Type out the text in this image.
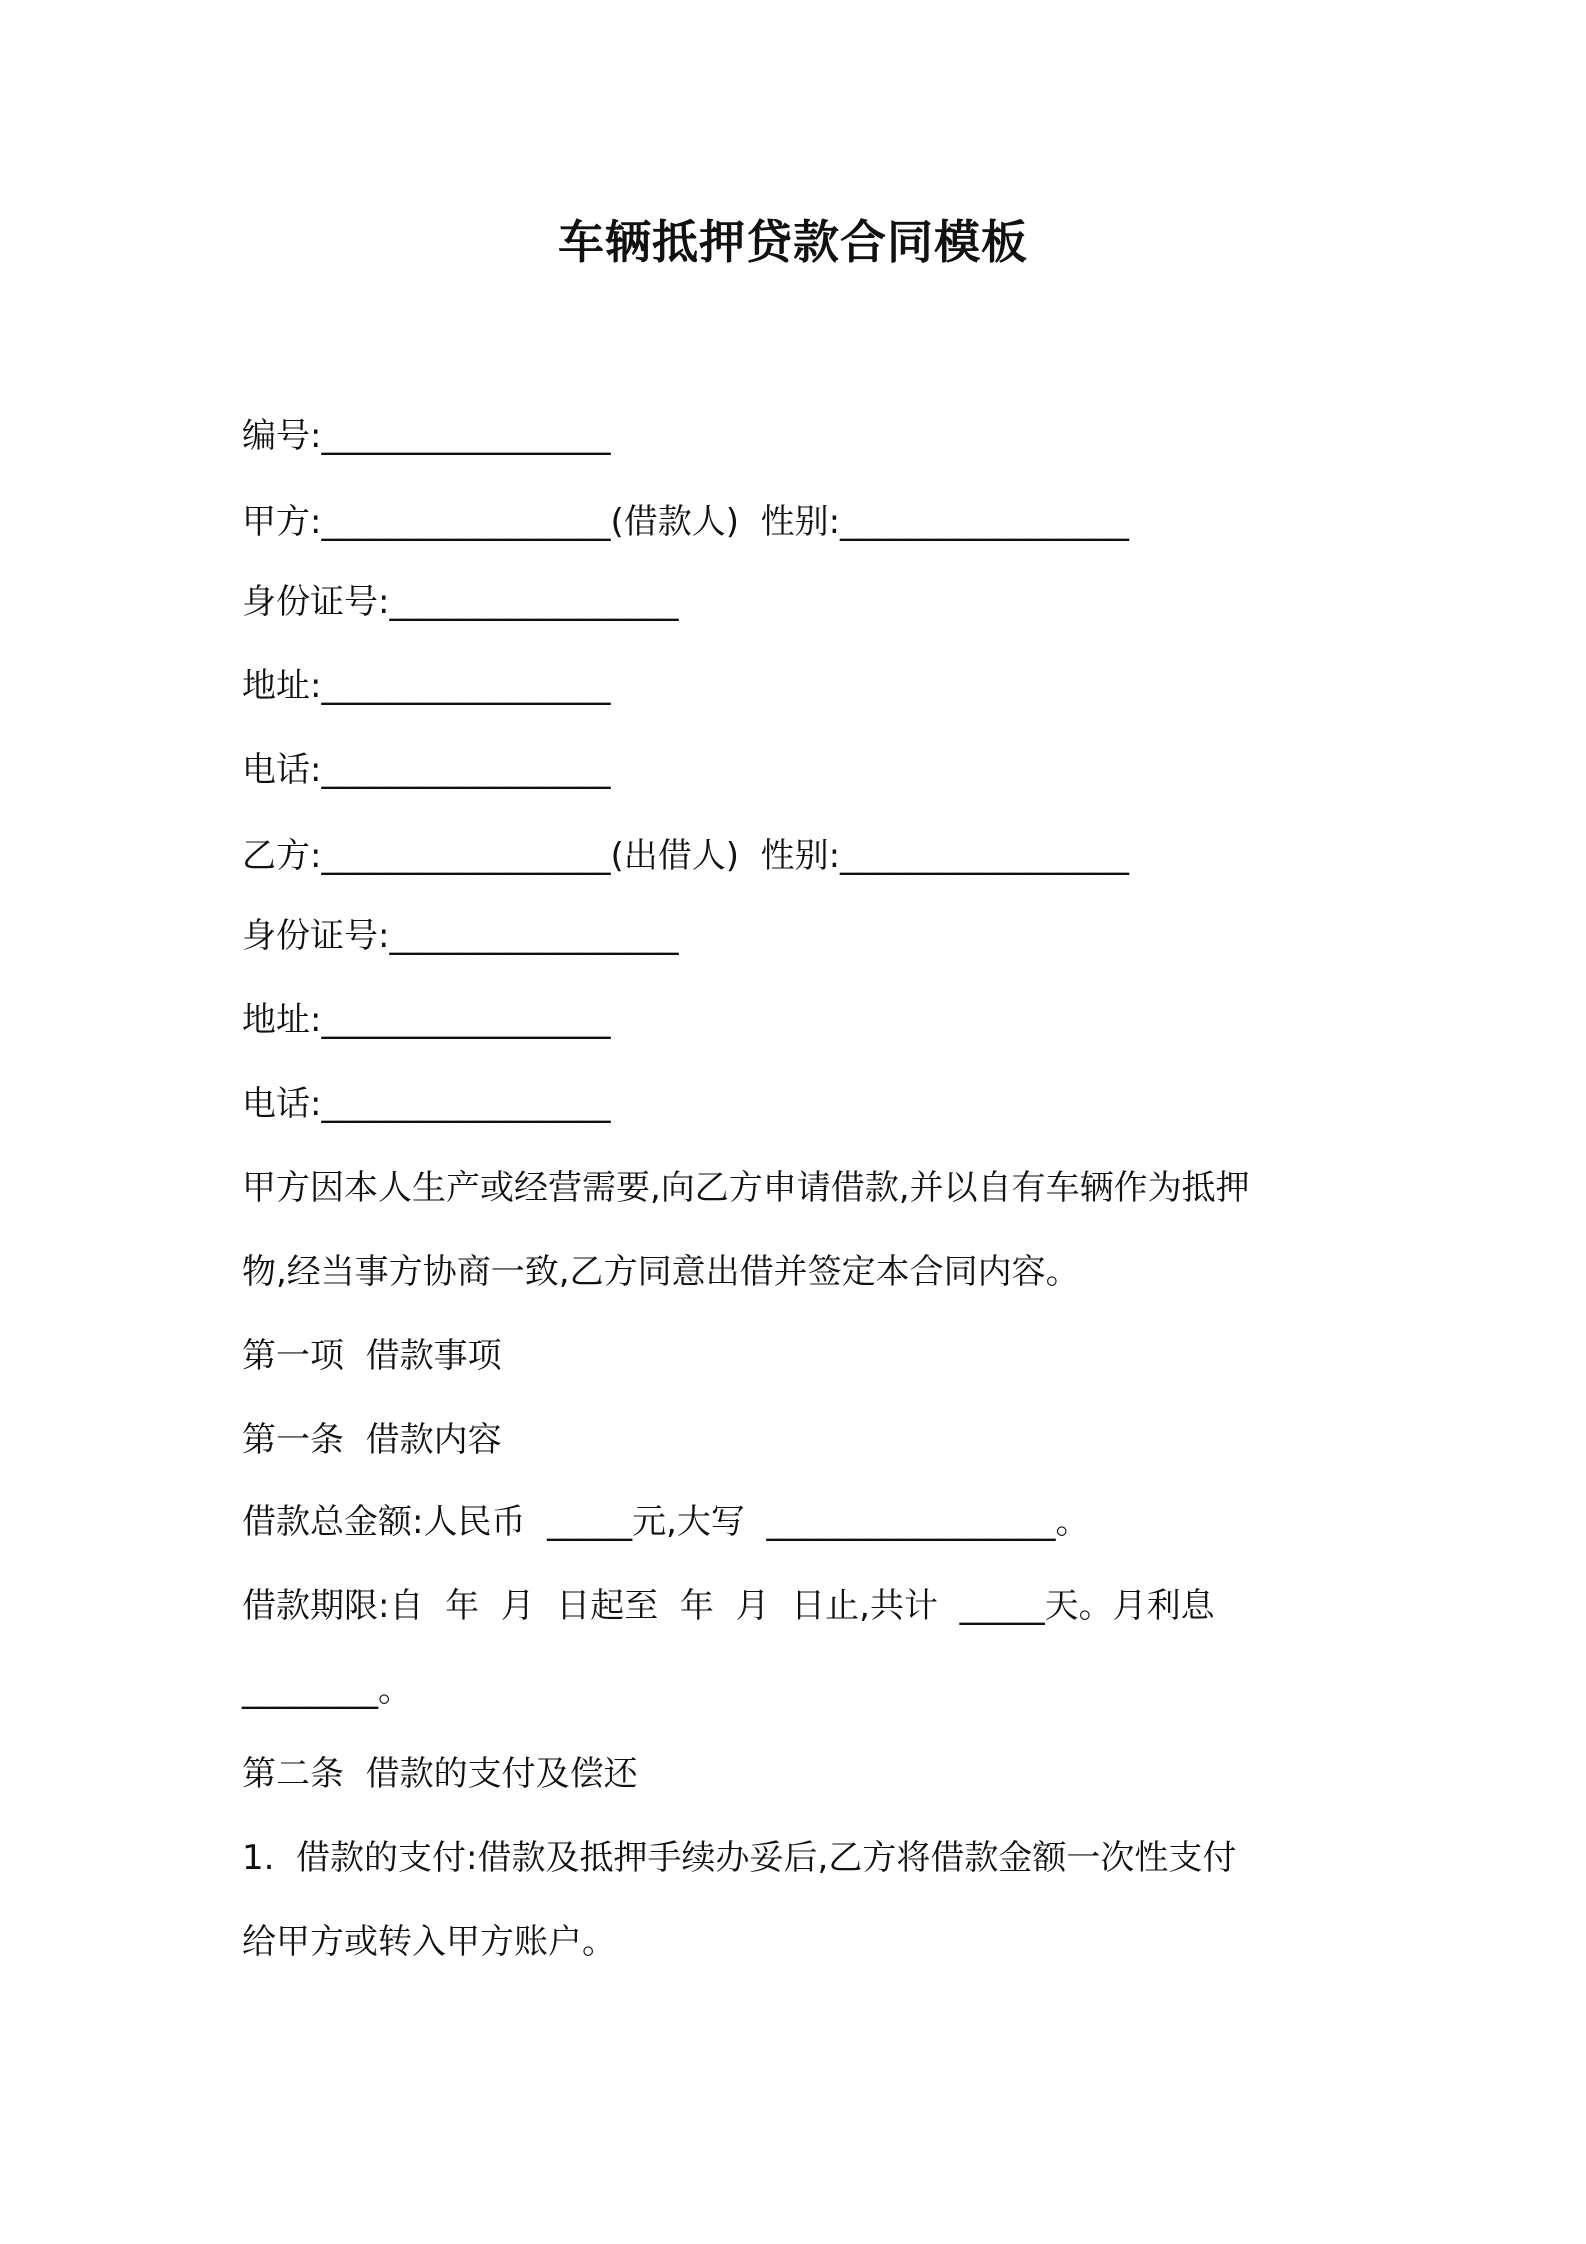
车辆抵押贷款合同模板
编号:_________________
甲方:_________________(借款人)  性别:_________________
身份证号:_________________
地址:_________________
电话:_________________
乙方:_________________(出借人)  性别:_________________
身份证号:_________________
地址:_________________
电话:_________________
甲方因本人生产或经营需要,向乙方申请借款,并以自有车辆作为抵押
物,经当事方协商一致,乙方同意出借并签定本合同内容。
第一项  借款事项
第一条  借款内容
借款总金额:人民币  _____元,大写  _________________。
借款期限:自  年  月  日起至  年  月  日止,共计  _____天。月利息
________。
第二条  借款的支付及偿还
1.  借款的支付:借款及抵押手续办妥后,乙方将借款金额一次性支付
给甲方或转入甲方账户。
